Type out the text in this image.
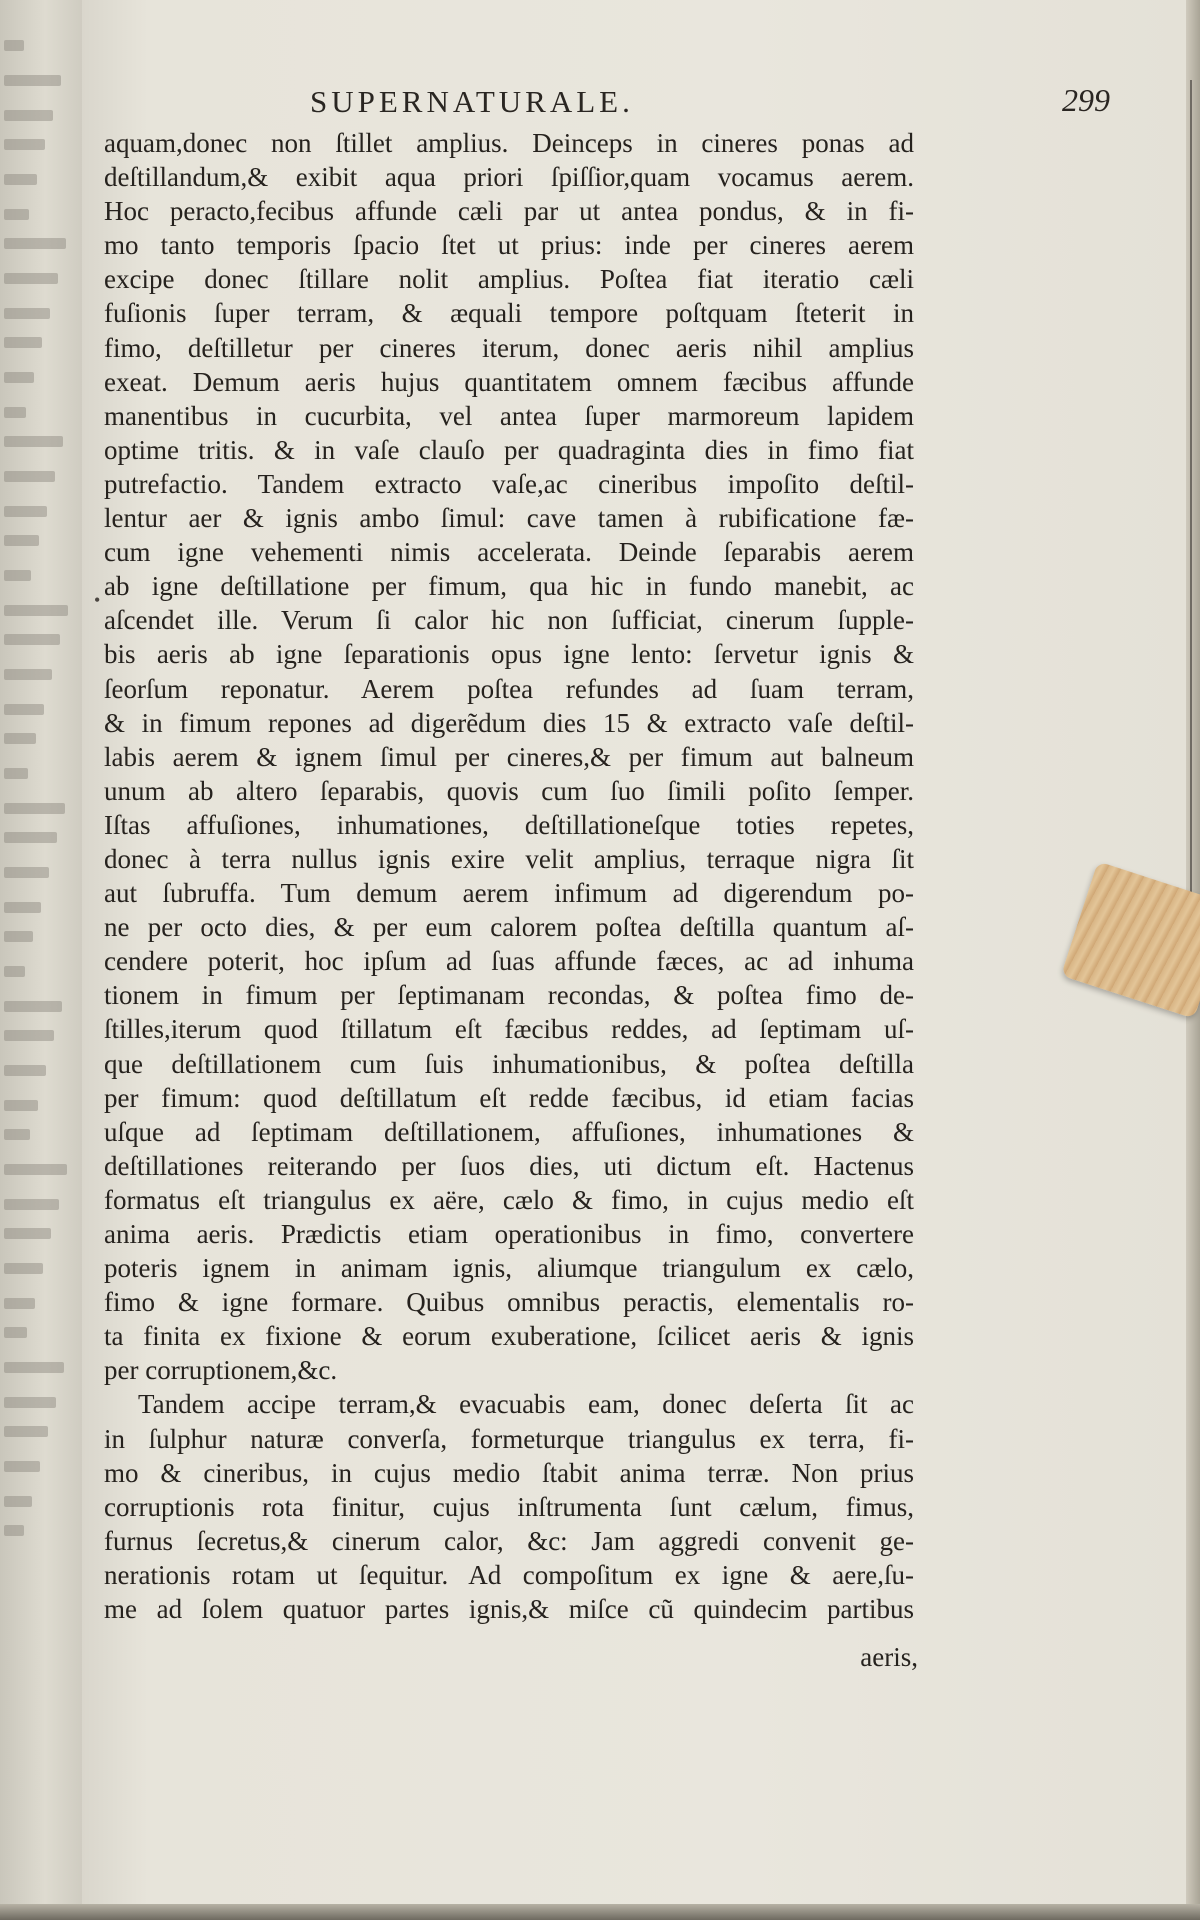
SUPERNATURALE.	299
•
aquam,donec non ſtillet amplius. Deinceps in cineres ponas ad
deſtillandum,& exibit aqua priori ſpiſſior,quam vocamus aerem.
Hoc peracto,fecibus affunde cæli par ut antea pondus, & in fi-
mo tanto temporis ſpacio ſtet ut prius: inde per cineres aerem
excipe donec ſtillare nolit amplius. Poſtea fiat iteratio cæli
fuſionis ſuper terram, & æquali tempore poſtquam ſteterit in
fimo, deſtilletur per cineres iterum, donec aeris nihil amplius
exeat. Demum aeris hujus quantitatem omnem fæcibus affunde
manentibus in cucurbita, vel antea ſuper marmoreum lapidem
optime tritis. & in vaſe clauſo per quadraginta dies in fimo fiat
putrefactio. Tandem extracto vaſe,ac cineribus impoſito deſtil-
lentur aer & ignis ambo ſimul: cave tamen à rubificatione fæ-
cum igne vehementi nimis accelerata. Deinde ſeparabis aerem
ab igne deſtillatione per fimum, qua hic in fundo manebit, ac
aſcendet ille. Verum ſi calor hic non ſufficiat, cinerum ſupple-
bis aeris ab igne ſeparationis opus igne lento: ſervetur ignis &
ſeorſum reponatur. Aerem poſtea refundes ad ſuam terram,
& in fimum repones ad digerẽdum dies 15 & extracto vaſe deſtil-
labis aerem & ignem ſimul per cineres,& per fimum aut balneum
unum ab altero ſeparabis, quovis cum ſuo ſimili poſito ſemper.
Iſtas affuſiones, inhumationes, deſtillationeſque toties repetes,
donec à terra nullus ignis exire velit amplius, terraque nigra ſit
aut ſubruffa. Tum demum aerem infimum ad digerendum po-
ne per octo dies, & per eum calorem poſtea deſtilla quantum aſ-
cendere poterit, hoc ipſum ad ſuas affunde fæces, ac ad inhuma
tionem in fimum per ſeptimanam recondas, & poſtea fimo de-
ſtilles,iterum quod ſtillatum eſt fæcibus reddes, ad ſeptimam uſ-
que deſtillationem cum ſuis inhumationibus, & poſtea deſtilla
per fimum: quod deſtillatum eſt redde fæcibus, id etiam facias
uſque ad ſeptimam deſtillationem, affuſiones, inhumationes &
deſtillationes reiterando per ſuos dies, uti dictum eſt. Hactenus
formatus eſt triangulus ex aëre, cælo & fimo, in cujus medio eſt
anima aeris. Prædictis etiam operationibus in fimo, convertere
poteris ignem in animam ignis, aliumque triangulum ex cælo,
fimo & igne formare. Quibus omnibus peractis, elementalis ro-
ta finita ex fixione & eorum exuberatione, ſcilicet aeris & ignis
per corruptionem,&c.
Tandem accipe terram,& evacuabis eam, donec deſerta ſit ac
in ſulphur naturæ converſa, formeturque triangulus ex terra, fi-
mo & cineribus, in cujus medio ſtabit anima terræ. Non prius
corruptionis rota finitur, cujus inſtrumenta ſunt cælum, fimus,
furnus ſecretus,& cinerum calor, &c: Jam aggredi convenit ge-
nerationis rotam ut ſequitur. Ad compoſitum ex igne & aere,ſu-
me ad ſolem quatuor partes ignis,& miſce cũ quindecim partibus
aeris,
